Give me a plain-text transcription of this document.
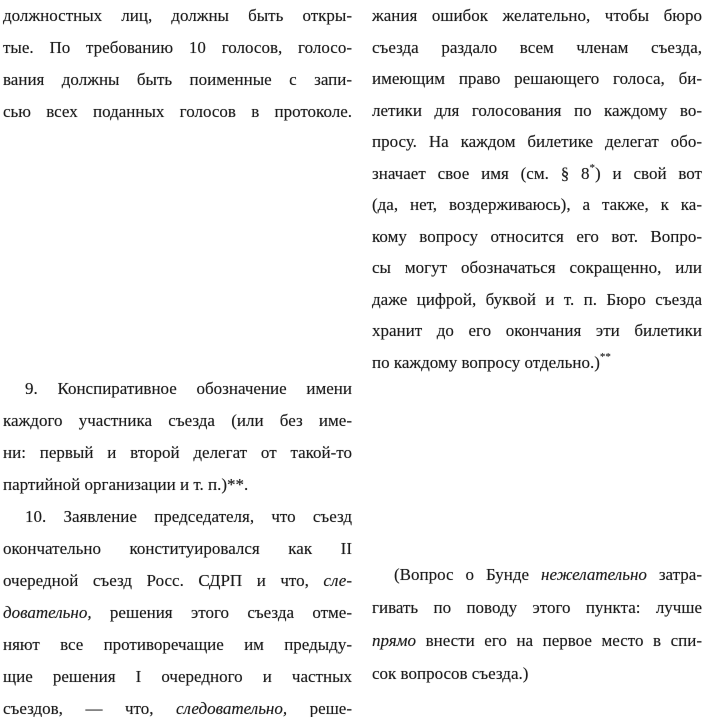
должностных лиц, должны быть откры-
тые. По требованию 10 голосов, голосо-
вания должны быть поименные с запи-
сью всех поданных голосов в протоколе.
9. Конспиративное обозначение имени
каждого участника съезда (или без име-
ни: первый и второй делегат от такой-то
партийной организации и т. п.)**.
10. Заявление председателя, что съезд
окончательно конституировался как II
очередной съезд Росс. СДРП и что, сле-
довательно, решения этого съезда отме-
няют все противоречащие им предыду-
щие решения I очередного и частных
съездов, — что, следовательно, реше-
жания ошибок желательно, чтобы бюро
съезда раздало всем членам съезда,
имеющим право решающего голоса, би-
летики для голосования по каждому во-
просу. На каждом билетике делегат обо-
значает свое имя (см. § 8*) и свой вот
(да, нет, воздерживаюсь), а также, к ка-
кому вопросу относится его вот. Вопро-
сы могут обозначаться сокращенно, или
даже цифрой, буквой и т. п. Бюро съезда
хранит до его окончания эти билетики
по каждому вопросу отдельно.)**
(Вопрос о Бунде нежелательно затра-
гивать по поводу этого пункта: лучше
прямо внести его на первое место в спи-
сок вопросов съезда.)
